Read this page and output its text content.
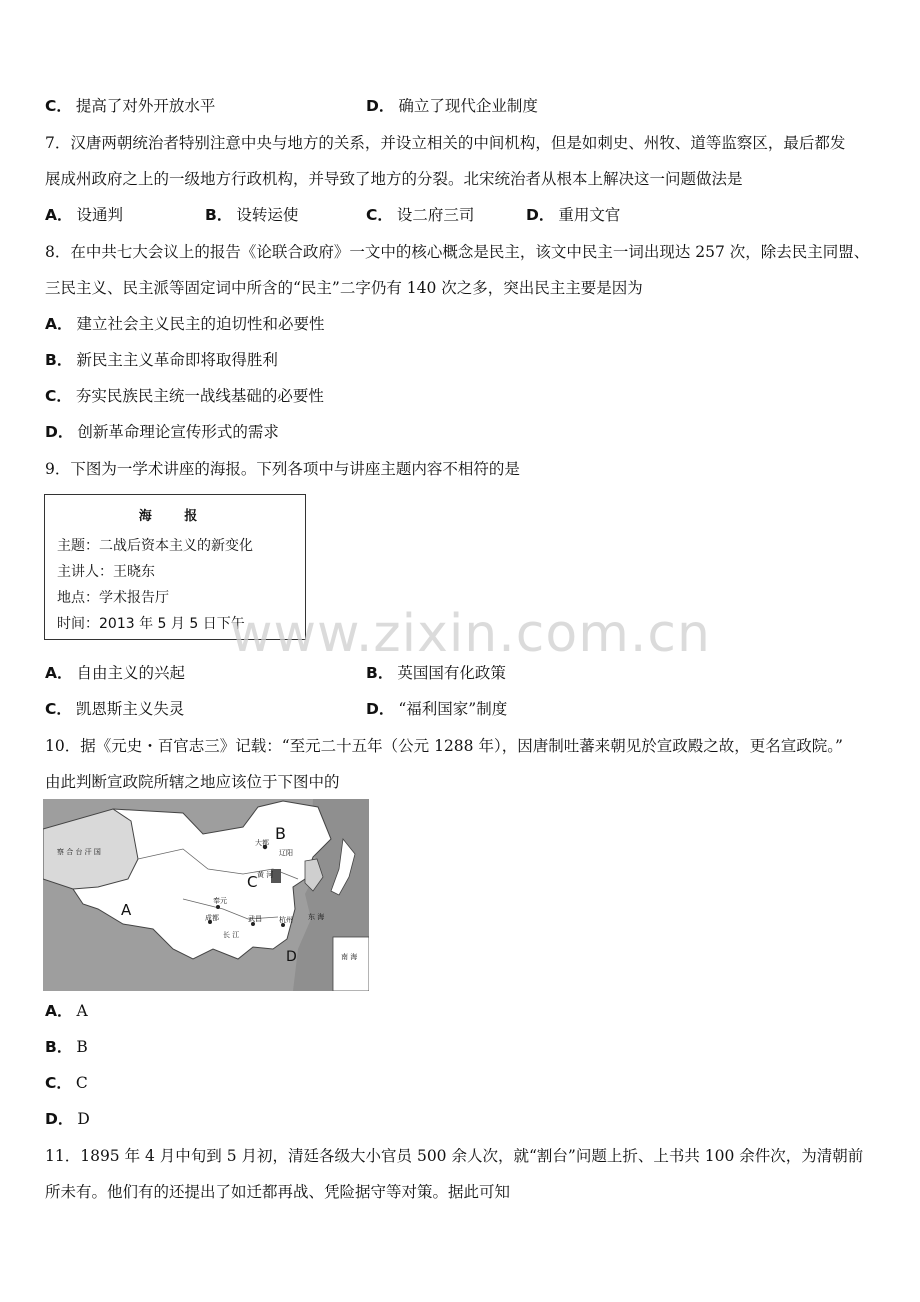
C． 提高了对外开放水平	D． 确立了现代企业制度
7．汉唐两朝统治者特别注意中央与地方的关系，并设立相关的中间机构，但是如刺史、州牧、道等监察区，最后都发
展成州政府之上的一级地方行政机构，并导致了地方的分裂。北宋统治者从根本上解决这一问题做法是
A． 设通判	B． 设转运使	C． 设二府三司	D． 重用文官
8．在中共七大会议上的报告《论联合政府》一文中的核心概念是民主，该文中民主一词出现达 257 次，除去民主同盟、
三民主义、民主派等固定词中所含的“民主”二字仍有 140 次之多，突出民主主要是因为
A． 建立社会主义民主的迫切性和必要性
B． 新民主主义革命即将取得胜利
C． 夯实民族民主统一战线基础的必要性
D． 创新革命理论宣传形式的需求
9．下图为一学术讲座的海报。下列各项中与讲座主题内容不相符的是
海 报
主题：二战后资本主义的新变化
主讲人：王晓东
地点：学术报告厅
时间：2013 年 5 月 5 日下午
www.zixin.com.cn
A． 自由主义的兴起	B． 英国国有化政策
C． 凯恩斯主义失灵	D． “福利国家”制度
10．据《元史・百官志三》记载：“至元二十五年（公元 1288 年），因唐制吐蕃来朝见於宣政殿之故，更名宣政院。”
由此判断宣政院所辖之地应该位于下图中的
B
C
A
D
察 合 台 汗 国
大都
辽阳
黄 河
奉元
成都	武昌 杭州
长 江
东 海
南 海
A． A
B． B
C． C
D． D
11．1895 年 4 月中旬到 5 月初，清廷各级大小官员 500 余人次，就“割台”问题上折、上书共 100 余件次，为清朝前
所未有。他们有的还提出了如迁都再战、凭险据守等对策。据此可知
